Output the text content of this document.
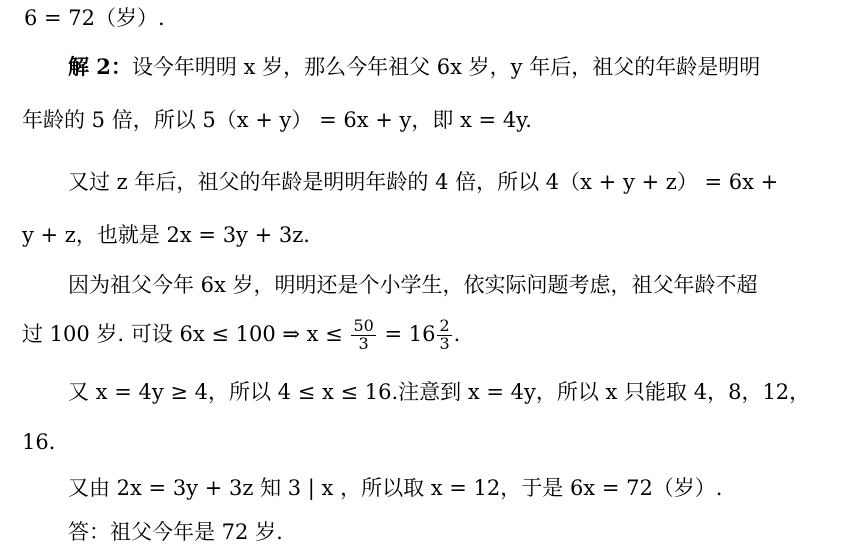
6 = 72（岁）.
解 2：设今年明明 x 岁，那么今年祖父 6x 岁，y 年后，祖父的年龄是明明
年龄的 5 倍，所以 5（x + y） = 6x + y，即 x = 4y.
又过 z 年后，祖父的年龄是明明年龄的 4 倍，所以 4（x + y + z） = 6x +
y + z，也就是 2x = 3y + 3z.
因为祖父今年 6x 岁，明明还是个小学生，依实际问题考虑，祖父年龄不超
过 100 岁. 可设 6x ≤ 100 ⇒ $x \le \frac{50}{3} = 16 \frac{2}{3}$ .
又 x = 4y ≥ 4，所以 4 ≤ x ≤ 16.注意到 x = 4y，所以 x 只能取 4，8，12，
16.
又由 2x = 3y + 3z 知 3 | x ，所以取 x = 12，于是 6x = 72（岁）.
答：祖父今年是 72 岁.
